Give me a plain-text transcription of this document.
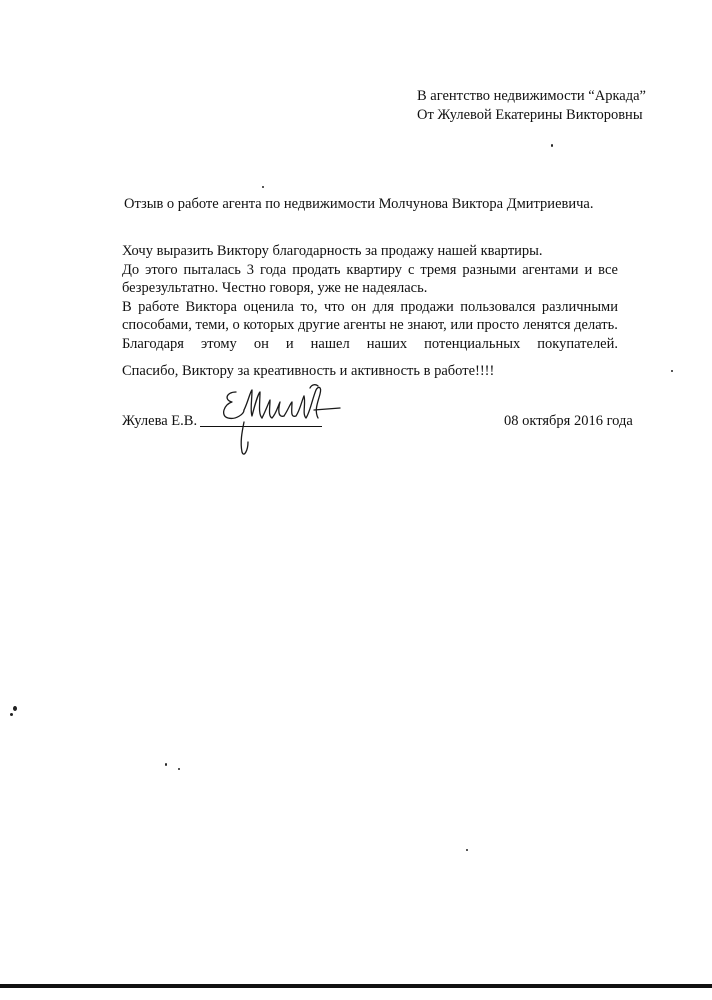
В агентство недвижимости “Аркада”
От Жулевой Екатерины Викторовны
Отзыв о работе агента по недвижимости Молчунова Виктора Дмитриевича.

Хочу выразить Виктору благодарность за продажу нашей квартиры.

До этого пыталась 3 года продать квартиру с тремя разными агентами и все

безрезультатно. Честно говоря, уже не надеялась.

В работе Виктора оценила то, что он для продажи пользовался различными

способами, теми, о которых другие агенты не знают, или просто ленятся делать.

Благодаря этому он и нашел наших потенциальных покупателей.

Спасибо, Виктору за креативность и активность в работе!!!!
Жулева Е.В.	08 октября 2016 года
